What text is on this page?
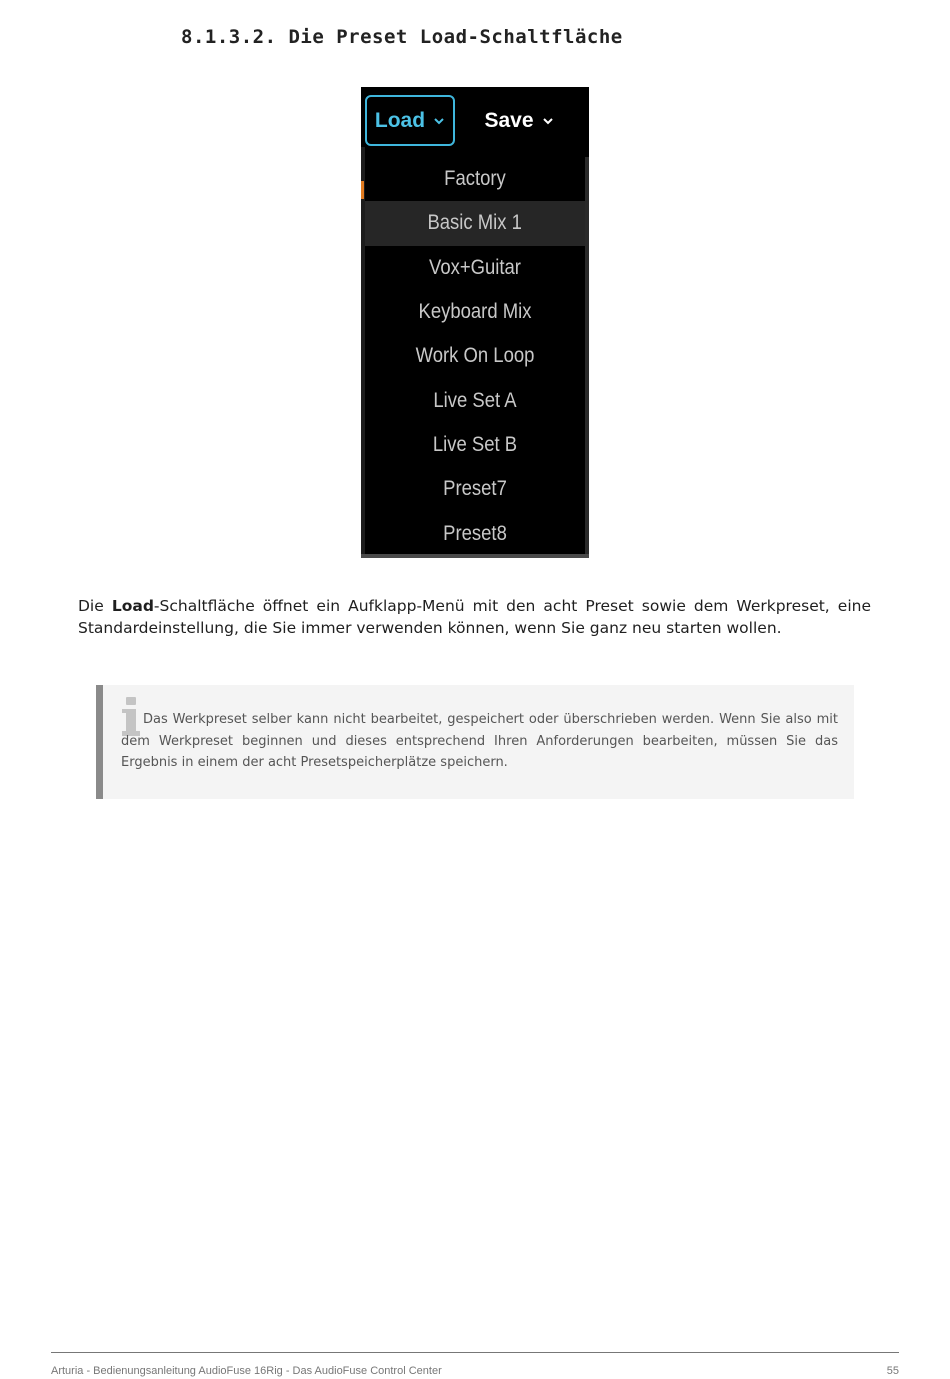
8.1.3.2. Die Preset Load-Schaltfläche
Load	Save
Factory
Basic Mix 1
Vox+Guitar
Keyboard Mix
Work On Loop
Live Set A
Live Set B
Preset7
Preset8

Die Load-Schaltfläche öffnet ein Aufklapp-Menü mit den acht Preset sowie dem Werkpreset, eine Standardeinstellung, die Sie immer verwenden können, wenn Sie ganz neu starten wollen.

Das Werkpreset selber kann nicht bearbeitet, gespeichert oder überschrieben werden. Wenn Sie also mit dem Werkpreset beginnen und dieses entsprechend Ihren Anforderungen bearbeiten, müssen Sie das Ergebnis in einem der acht Presetspeicherplätze speichern.

Arturia - Bedienungsanleitung AudioFuse 16Rig - Das AudioFuse Control Center	55
